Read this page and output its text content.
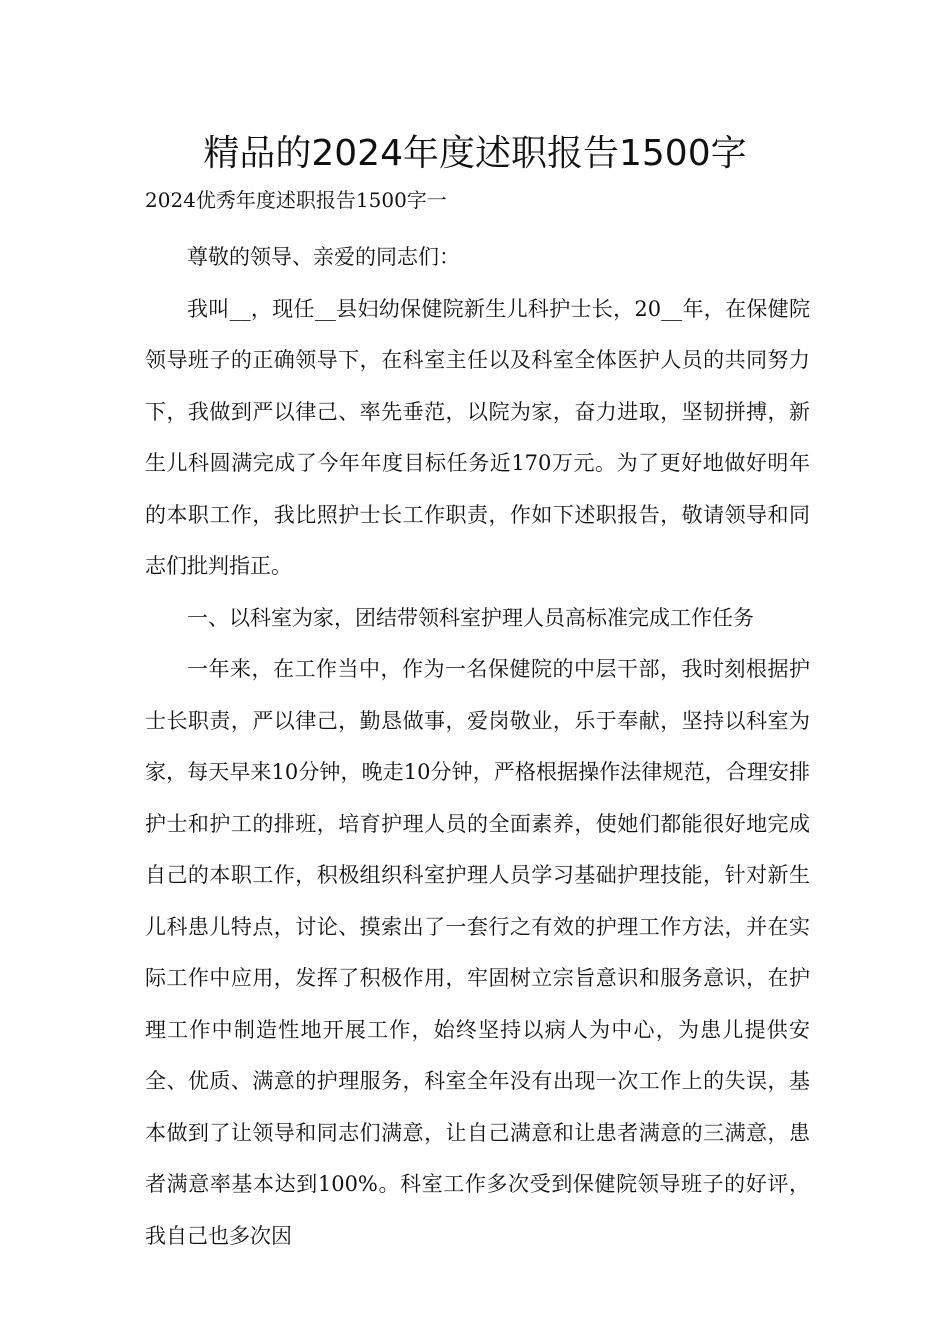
精品的2024年度述职报告1500字
2024优秀年度述职报告1500字一

尊敬的领导、亲爱的同志们：

我叫__，现任__县妇幼保健院新生儿科护士长，20__年，在保健院领导班子的正确领导下，在科室主任以及科室全体医护人员的共同努力下，我做到严以律己、率先垂范，以院为家，奋力进取，坚韧拼搏，新生儿科圆满完成了今年年度目标任务近170万元。为了更好地做好明年的本职工作，我比照护士长工作职责，作如下述职报告，敬请领导和同志们批判指正。

一、以科室为家，团结带领科室护理人员高标准完成工作任务

一年来，在工作当中，作为一名保健院的中层干部，我时刻根据护士长职责，严以律己，勤恳做事，爱岗敬业，乐于奉献，坚持以科室为家，每天早来10分钟，晚走10分钟，严格根据操作法律规范，合理安排护士和护工的排班，培育护理人员的全面素养，使她们都能很好地完成自己的本职工作，积极组织科室护理人员学习基础护理技能，针对新生儿科患儿特点，讨论、摸索出了一套行之有效的护理工作方法，并在实际工作中应用，发挥了积极作用，牢固树立宗旨意识和服务意识，在护理工作中制造性地开展工作，始终坚持以病人为中心，为患儿提供安全、优质、满意的护理服务，科室全年没有出现一次工作上的失误，基本做到了让领导和同志们满意，让自己满意和让患者满意的三满意，患者满意率基本达到100%。科室工作多次受到保健院领导班子的好评，我自己也多次因
